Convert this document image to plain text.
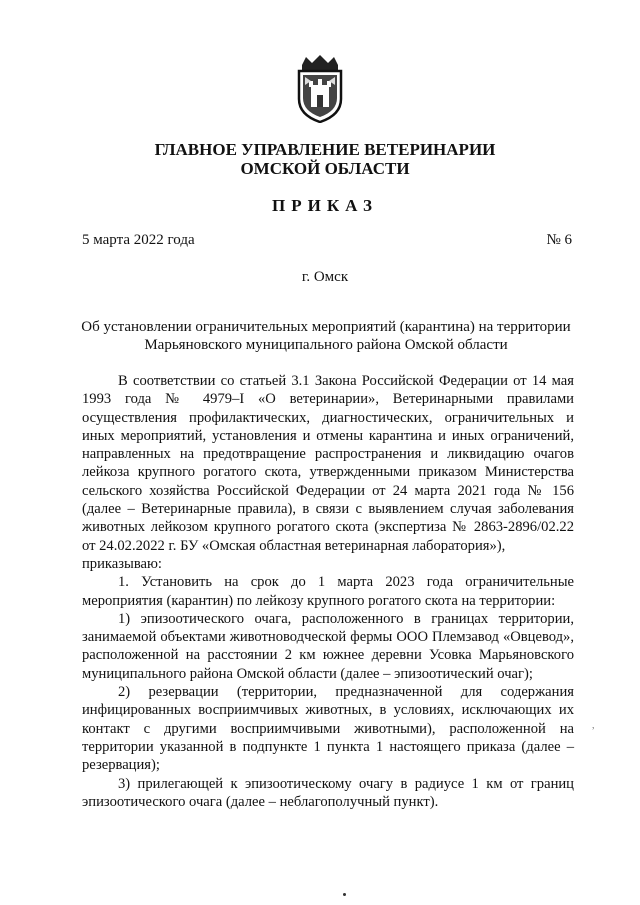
ГЛАВНОЕ УПРАВЛЕНИЕ ВЕТЕРИНАРИИ
ОМСКОЙ ОБЛАСТИ
ПРИКАЗ
5 марта 2022 года	№ 6
г. Омск
Об установлении ограничительных мероприятий (карантина) на территории Марьяновского муниципального района Омской области

В соответствии со статьей 3.1 Закона Российской Федерации от 14 мая 1993 года № 4979–I «О ветеринарии», Ветеринарными правилами осуществления профилактических, диагностических, ограничительных и иных мероприятий, установления и отмены карантина и иных ограничений, направленных на предотвращение распространения и ликвидацию очагов лейкоза крупного рогатого скота, утвержденными приказом Министерства сельского хозяйства Российской Федерации от 24 марта 2021 года № 156 (далее – Ветеринарные правила), в связи с выявлением случая заболевания животных лейкозом крупного рогатого скота (экспертиза № 2863-2896/02.22 от 24.02.2022 г. БУ «Омская областная ветеринарная лаборатория»),

приказываю:

1. Установить на срок до 1 марта 2023 года ограничительные мероприятия (карантин) по лейкозу крупного рогатого скота на территории:

1) эпизоотического очага, расположенного в границах территории, занимаемой объектами животноводческой фермы ООО Племзавод «Овцевод», расположенной на расстоянии 2 км южнее деревни Усовка Марьяновского муниципального района Омской области (далее – эпизоотический очаг);

2) резервации (территории, предназначенной для содержания инфицированных восприимчивых животных, в условиях, исключающих их контакт с другими восприимчивыми животными), расположенной на территории указанной в подпункте 1 пункта 1 настоящего приказа (далее – резервация);

3) прилегающей к эпизоотическому очагу в радиусе 1 км от границ эпизоотического очага (далее – неблагополучный пункт).

,
